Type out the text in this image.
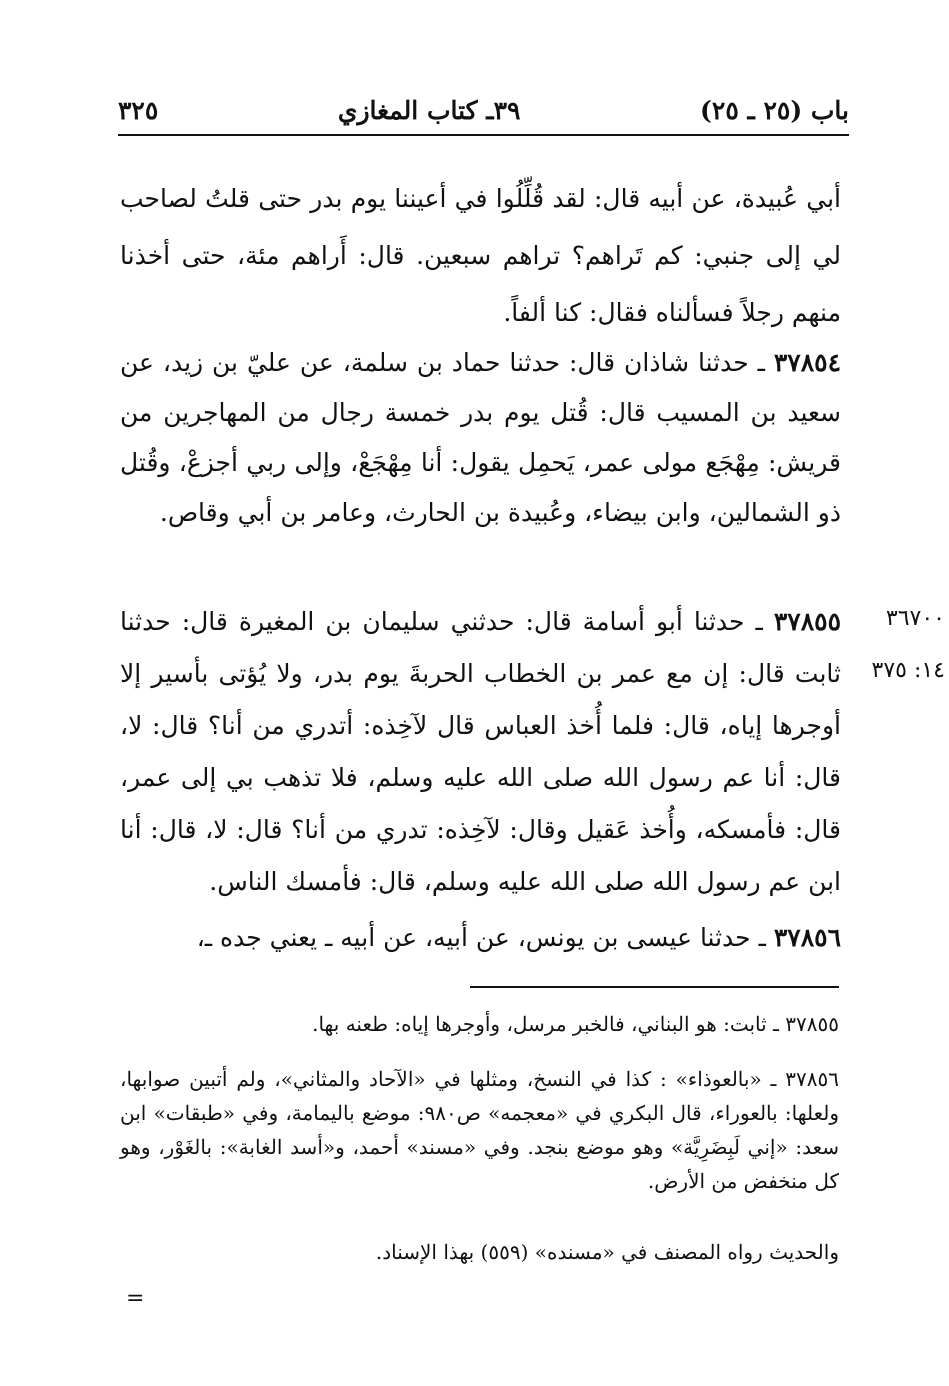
باب (٢٥ ـ ٢٥)
٣٩ـ كتاب المغازي
٣٢٥

أبي عُبيدة، عن أبيه قال: لقد قُلِّلُوا في أعيننا يوم بدر حتى قلتُ لصاحب لي إلى جنبي: كم تَراهم؟ تراهم سبعين. قال: أَراهم مئة، حتى أخذنا منهم رجلاً فسألناه فقال: كنا ألفاً.

٣٧٨٥٤ ـ حدثنا شاذان قال: حدثنا حماد بن سلمة، عن عليّ بن زيد، عن سعيد بن المسيب قال: قُتل يوم بدر خمسة رجال من المهاجرين من قريش: مِهْجَع مولى عمر، يَحمِل يقول: أنا مِهْجَعْ، وإلى ربي أجزعْ، وقُتل ذو الشمالين، وابن بيضاء، وعُبيدة بن الحارث، وعامر بن أبي وقاص.

٣٧٨٥٥ ـ حدثنا أبو أسامة قال: حدثني سليمان بن المغيرة قال: حدثنا ثابت قال: إن مع عمر بن الخطاب الحربةَ يوم بدر، ولا يُؤتى بأسير إلا أوجرها إياه، قال: فلما أُخذ العباس قال لآخِذه: أتدري من أنا؟ قال: لا، قال: أنا عم رسول الله صلى الله عليه وسلم، فلا تذهب بي إلى عمر، قال: فأمسكه، وأُخذ عَقيل وقال: لآخِذه: تدري من أنا؟ قال: لا، قال: أنا ابن عم رسول الله صلى الله عليه وسلم، قال: فأمسك الناس.

٣٦٧٠٠
١٤: ٣٧٥

٣٧٨٥٦ ـ حدثنا عيسى بن يونس، عن أبيه، عن أبيه ـ يعني جده ـ،

٣٧٨٥٥ ـ ثابت: هو البناني، فالخبر مرسل، وأوجرها إياه: طعنه بها.

٣٧٨٥٦ ـ «بالعوذاء» : كذا في النسخ، ومثلها في «الآحاد والمثاني»، ولم أتبين صوابها، ولعلها: بالعوراء، قال البكري في «معجمه» ص٩٨٠: موضع باليمامة، وفي «طبقات» ابن سعد: «إني لَبِضَرِيَّة» وهو موضع بنجد. وفي «مسند» أحمد، و«أسد الغابة»: بالغَوْر، وهو كل منخفض من الأرض.

والحديث رواه المصنف في «مسنده» (٥٥٩) بهذا الإسناد.

=
